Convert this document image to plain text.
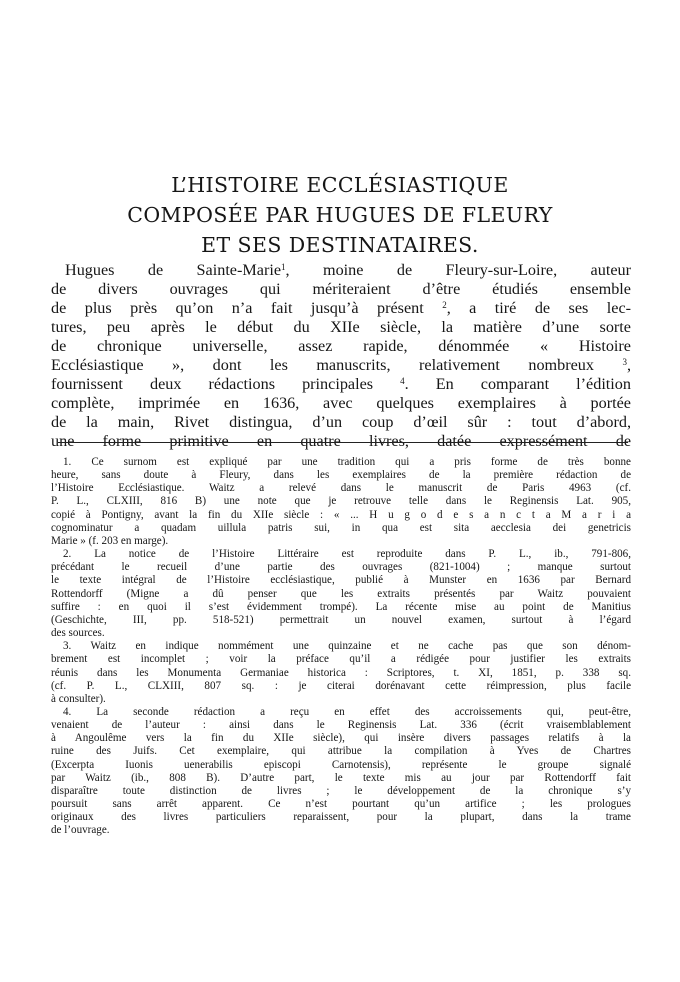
L’HISTOIRE ECCLÉSIASTIQUE
COMPOSÉE PAR HUGUES DE FLEURY
ET SES DESTINATAIRES.
Hugues de Sainte-Marie$^1$, moine de Fleury-sur-Loire, auteur
de divers ouvrages qui mériteraient d’être étudiés ensemble
de plus près qu’on n’a fait jusqu’à présent $^2$, a tiré de ses lec-
tures, peu après le début du XIIe siècle, la matière d’une sorte
de chronique universelle, assez rapide, dénommée « Histoire
Ecclésiastique », dont les manuscrits, relativement nombreux	$^3$,
fournissent deux rédactions principales	$^4$. En comparant l’édition
complète, imprimée en 1636, avec quelques exemplaires à portée
de la main, Rivet distingua, d’un coup d’œil sûr : tout d’abord,
une forme primitive en quatre livres, datée expressément de
1. Ce surnom est expliqué par une tradition qui a pris forme de très bonne
heure, sans doute à Fleury, dans les exemplaires de la première rédaction de
l’Histoire Ecclésiastique. Waitz a relevé dans le manuscrit de Paris 4963 (cf.
P. L., CLXIII, 816 B) une note que je retrouve telle dans le Reginensis Lat. 905,
copié à Pontigny, avant la fin du XIIe siècle : « ... H u g o d e s a n c t a M a r i a
cognominatur a quadam uillula patris sui, in qua est sita aecclesia dei genetricis
Marie » (f. 203 en marge).
2. La notice de l’Histoire Littéraire est reproduite dans P. L., ib., 791-806,
précédant le recueil d’une partie des ouvrages (821-1004) ; manque surtout
le texte intégral de l’Histoire ecclésiastique, publié à Munster en 1636 par Bernard
Rottendorff (Migne a dû penser que les extraits présentés par Waitz pouvaient
suffire : en quoi il s’est évidemment trompé). La récente mise au point de Manitius
(Geschichte, III, pp. 518-521) permettrait un nouvel examen, surtout à l’égard
des sources.
3. Waitz en indique nommément une quinzaine et ne cache pas que son dénom-
brement est incomplet ; voir la préface qu’il a rédigée pour justifier les extraits
réunis dans les Monumenta Germaniae historica : Scriptores, t. XI, 1851, p. 338 sq.
(cf. P. L., CLXIII, 807 sq. : je citerai dorénavant cette réimpression, plus facile
à consulter).
4. La seconde rédaction a reçu en effet des accroissements qui, peut-être,
venaient de l’auteur : ainsi dans le Reginensis Lat. 336 (écrit vraisemblablement
à Angoulême vers la fin du XIIe siècle), qui insère divers passages relatifs à la
ruine des Juifs. Cet exemplaire, qui attribue la compilation à Yves de Chartres
(Excerpta Iuonis uenerabilis episcopi Carnotensis), représente le groupe signalé
par Waitz (ib., 808 B). D’autre part, le texte mis au jour par Rottendorff fait
disparaître toute distinction de livres ; le développement de la chronique s’y
poursuit sans arrêt apparent. Ce n’est pourtant qu’un artifice ; les prologues
originaux des livres particuliers reparaissent, pour la plupart, dans la trame
de l’ouvrage.
